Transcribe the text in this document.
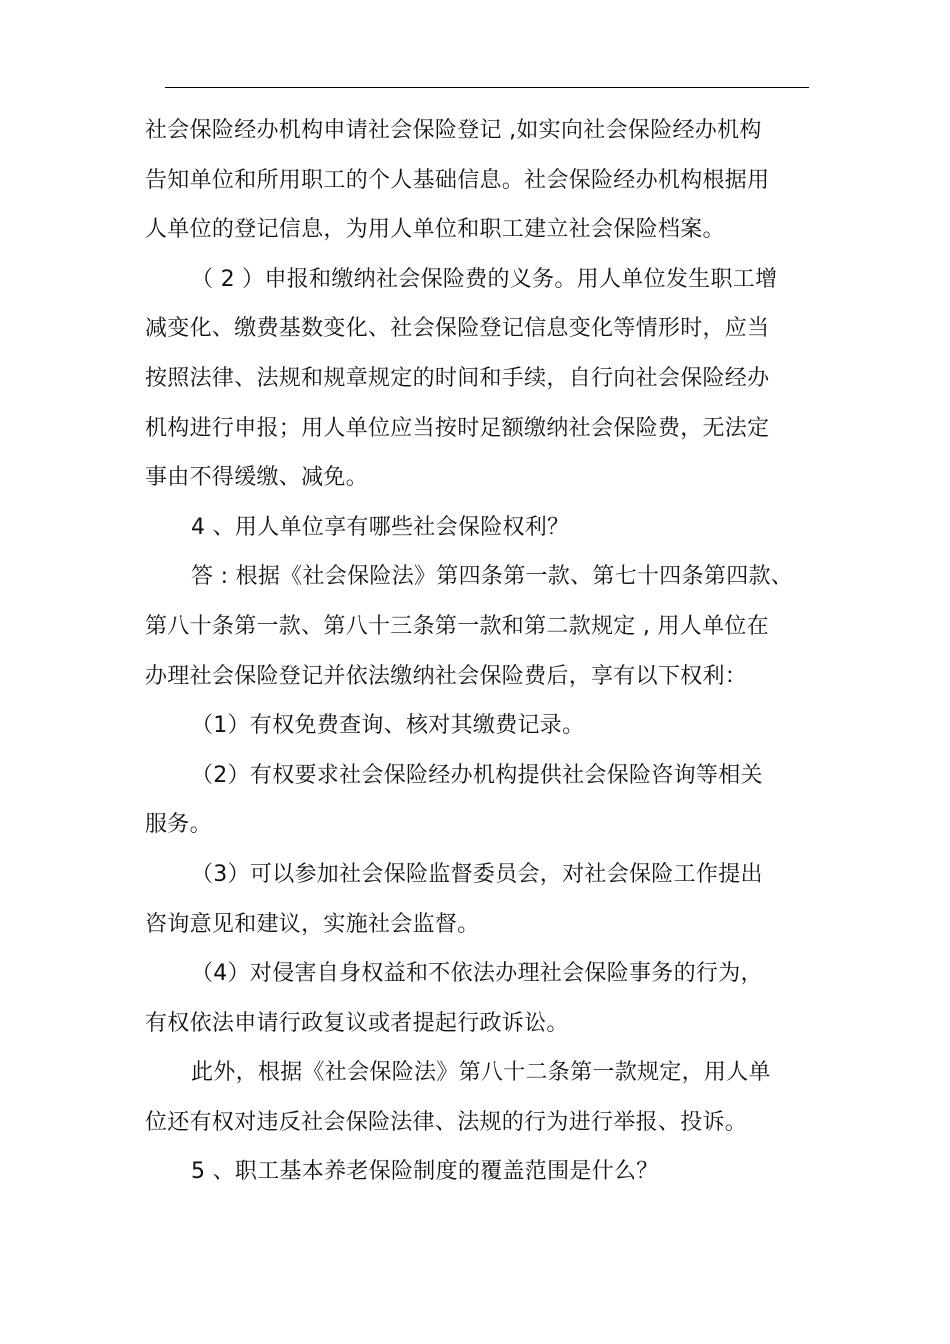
社会保险经办机构申请社会保险登记 ,如实向社会保险经办机构
告知单位和所用职工的个人基础信息。社会保险经办机构根据用
人单位的登记信息，为用人单位和职工建立社会保险档案。
（ 2 ）申报和缴纳社会保险费的义务。用人单位发生职工增
减变化、缴费基数变化、社会保险登记信息变化等情形时，应当
按照法律、法规和规章规定的时间和手续，自行向社会保险经办
机构进行申报；用人单位应当按时足额缴纳社会保险费，无法定
事由不得缓缴、减免。
4 、用人单位享有哪些社会保险权利？
答 : 根据《社会保险法》第四条第一款、第七十四条第四款、
第八十条第一款、第八十三条第一款和第二款规定 , 用人单位在
办理社会保险登记并依法缴纳社会保险费后，享有以下权利：
（1）有权免费查询、核对其缴费记录。
（2）有权要求社会保险经办机构提供社会保险咨询等相关
服务。
（3）可以参加社会保险监督委员会，对社会保险工作提出
咨询意见和建议，实施社会监督。
（4）对侵害自身权益和不依法办理社会保险事务的行为，
有权依法申请行政复议或者提起行政诉讼。
此外，根据《社会保险法》第八十二条第一款规定，用人单
位还有权对违反社会保险法律、法规的行为进行举报、投诉。
5 、职工基本养老保险制度的覆盖范围是什么？
